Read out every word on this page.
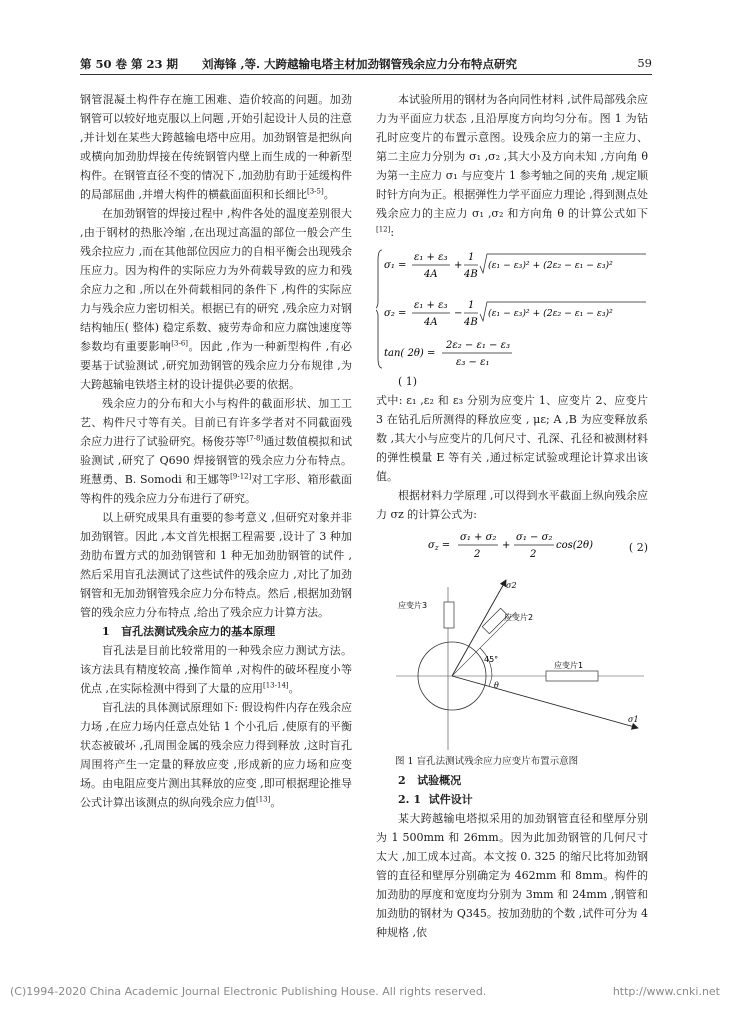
第 50 卷 第 23 期 刘海锋 ,等. 大跨越输电塔主材加劲钢管残余应力分布特点研究	59

钢管混凝土构件存在施工困难、造价较高的问题。加劲钢管可以较好地克服以上问题 ,开始引起设计人员的注意 ,并计划在某些大跨越输电塔中应用。加劲钢管是把纵向或横向加劲肋焊接在传统钢管内壁上而生成的一种新型构件。在钢管直径不变的情况下 ,加劲肋有助于延缓构件的局部屈曲 ,并增大构件的横截面面积和长细比[3-5]。

在加劲钢管的焊接过程中 ,构件各处的温度差别很大 ,由于钢材的热胀冷缩 ,在出现过高温的部位一般会产生残余拉应力 ,而在其他部位因应力的自相平衡会出现残余压应力。因为构件的实际应力为外荷载导致的应力和残余应力之和 ,所以在外荷载相同的条件下 ,构件的实际应力与残余应力密切相关。根据已有的研究 ,残余应力对钢结构轴压( 整体) 稳定系数、疲劳寿命和应力腐蚀速度等参数均有重要影响[3-6]。因此 ,作为一种新型构件 ,有必要基于试验测试 ,研究加劲钢管的残余应力分布规律 ,为大跨越输电铁塔主材的设计提供必要的依据。

残余应力的分布和大小与构件的截面形状、加工工艺、构件尺寸等有关。目前已有许多学者对不同截面残余应力进行了试验研究。杨俊芬等[7-8]通过数值模拟和试验测试 ,研究了 Q690 焊接钢管的残余应力分布特点。班慧勇、B. Somodi 和王娜等[9-12]对工字形、箱形截面等构件的残余应力分布进行了研究。

以上研究成果具有重要的参考意义 ,但研究对象并非加劲钢管。因此 ,本文首先根据工程需要 ,设计了 3 种加劲肋布置方式的加劲钢管和 1 种无加劲肋钢管的试件 ,然后采用盲孔法测试了这些试件的残余应力 ,对比了加劲钢管和无加劲钢管残余应力分布特点。然后 ,根据加劲钢管的残余应力分布特点 ,给出了残余应力计算方法。

1 盲孔法测试残余应力的基本原理

盲孔法是目前比较常用的一种残余应力测试方法。该方法具有精度较高 ,操作简单 ,对构件的破坏程度小等优点 ,在实际检测中得到了大量的应用[13-14]。

盲孔法的具体测试原理如下: 假设构件内存在残余应力场 ,在应力场内任意点处钻 1 个小孔后 ,使原有的平衡状态被破坏 ,孔周围金属的残余应力得到释放 ,这时盲孔周围将产生一定量的释放应变 ,形成新的应力场和应变场。由电阻应变片测出其释放的应变 ,即可根据理论推导公式计算出该测点的纵向残余应力值[13]。

本试验所用的钢材为各向同性材料 ,试件局部残余应力为平面应力状态 ,且沿厚度方向均匀分布。图 1 为钻孔时应变片的布置示意图。设残余应力的第一主应力、第二主应力分别为 σ₁ ,σ₂ ,其大小及方向未知 ,方向角 θ 为第一主应力 σ₁ 与应变片 1 参考轴之间的夹角 ,规定顺时针方向为正。根据弹性力学平面应力理论 ,得到测点处残余应力的主应力 σ₁ ,σ₂ 和方向角 θ 的计算公式如下[12]:

σ₁ =
ε₁ + ε₃
4A
+
1
4B
(ε₁ − ε₃)² + (2ε₂ − ε₁ − ε₃)²
σ₂ =
ε₁ + ε₃
4A
−
1
4B
(ε₁ − ε₃)² + (2ε₂ − ε₁ − ε₃)²
tan( 2θ) =
2ε₂ − ε₁ − ε₃
ε₃ − ε₁

( 1)

式中: ε₁ ,ε₂ 和 ε₃ 分别为应变片 1、应变片 2、应变片 3 在钻孔后所测得的释放应变 , με; A ,B 为应变释放系数 ,其大小与应变片的几何尺寸、孔深、孔径和被测材料的弹性模量 E 等有关 ,通过标定试验或理论计算求出该值。

根据材料力学原理 ,可以得到水平截面上纵向残余应力 σz 的计算公式为:

$\sigma_z$ =
σ₁ + σ₂
2
+
σ₁ − σ₂
2
cos(2θ)	( 2)
应变片3
应变片2
应变片1
σ2
σ1
45°
θ

图 1 盲孔法测试残余应力应变片布置示意图

2 试验概况

2. 1 试件设计

某大跨越输电塔拟采用的加劲钢管直径和壁厚分别为 1 500mm 和 26mm。因为此加劲钢管的几何尺寸太大 ,加工成本过高。本文按 0. 325 的缩尺比将加劲钢管的直径和壁厚分别确定为 462mm 和 8mm。构件的加劲肋的厚度和宽度均分别为 3mm 和 24mm ,钢管和加劲肋的钢材为 Q345。按加劲肋的个数 ,试件可分为 4 种规格 ,依

(C)1994-2020 China Academic Journal Electronic Publishing House. All rights reserved.	http://www.cnki.net
